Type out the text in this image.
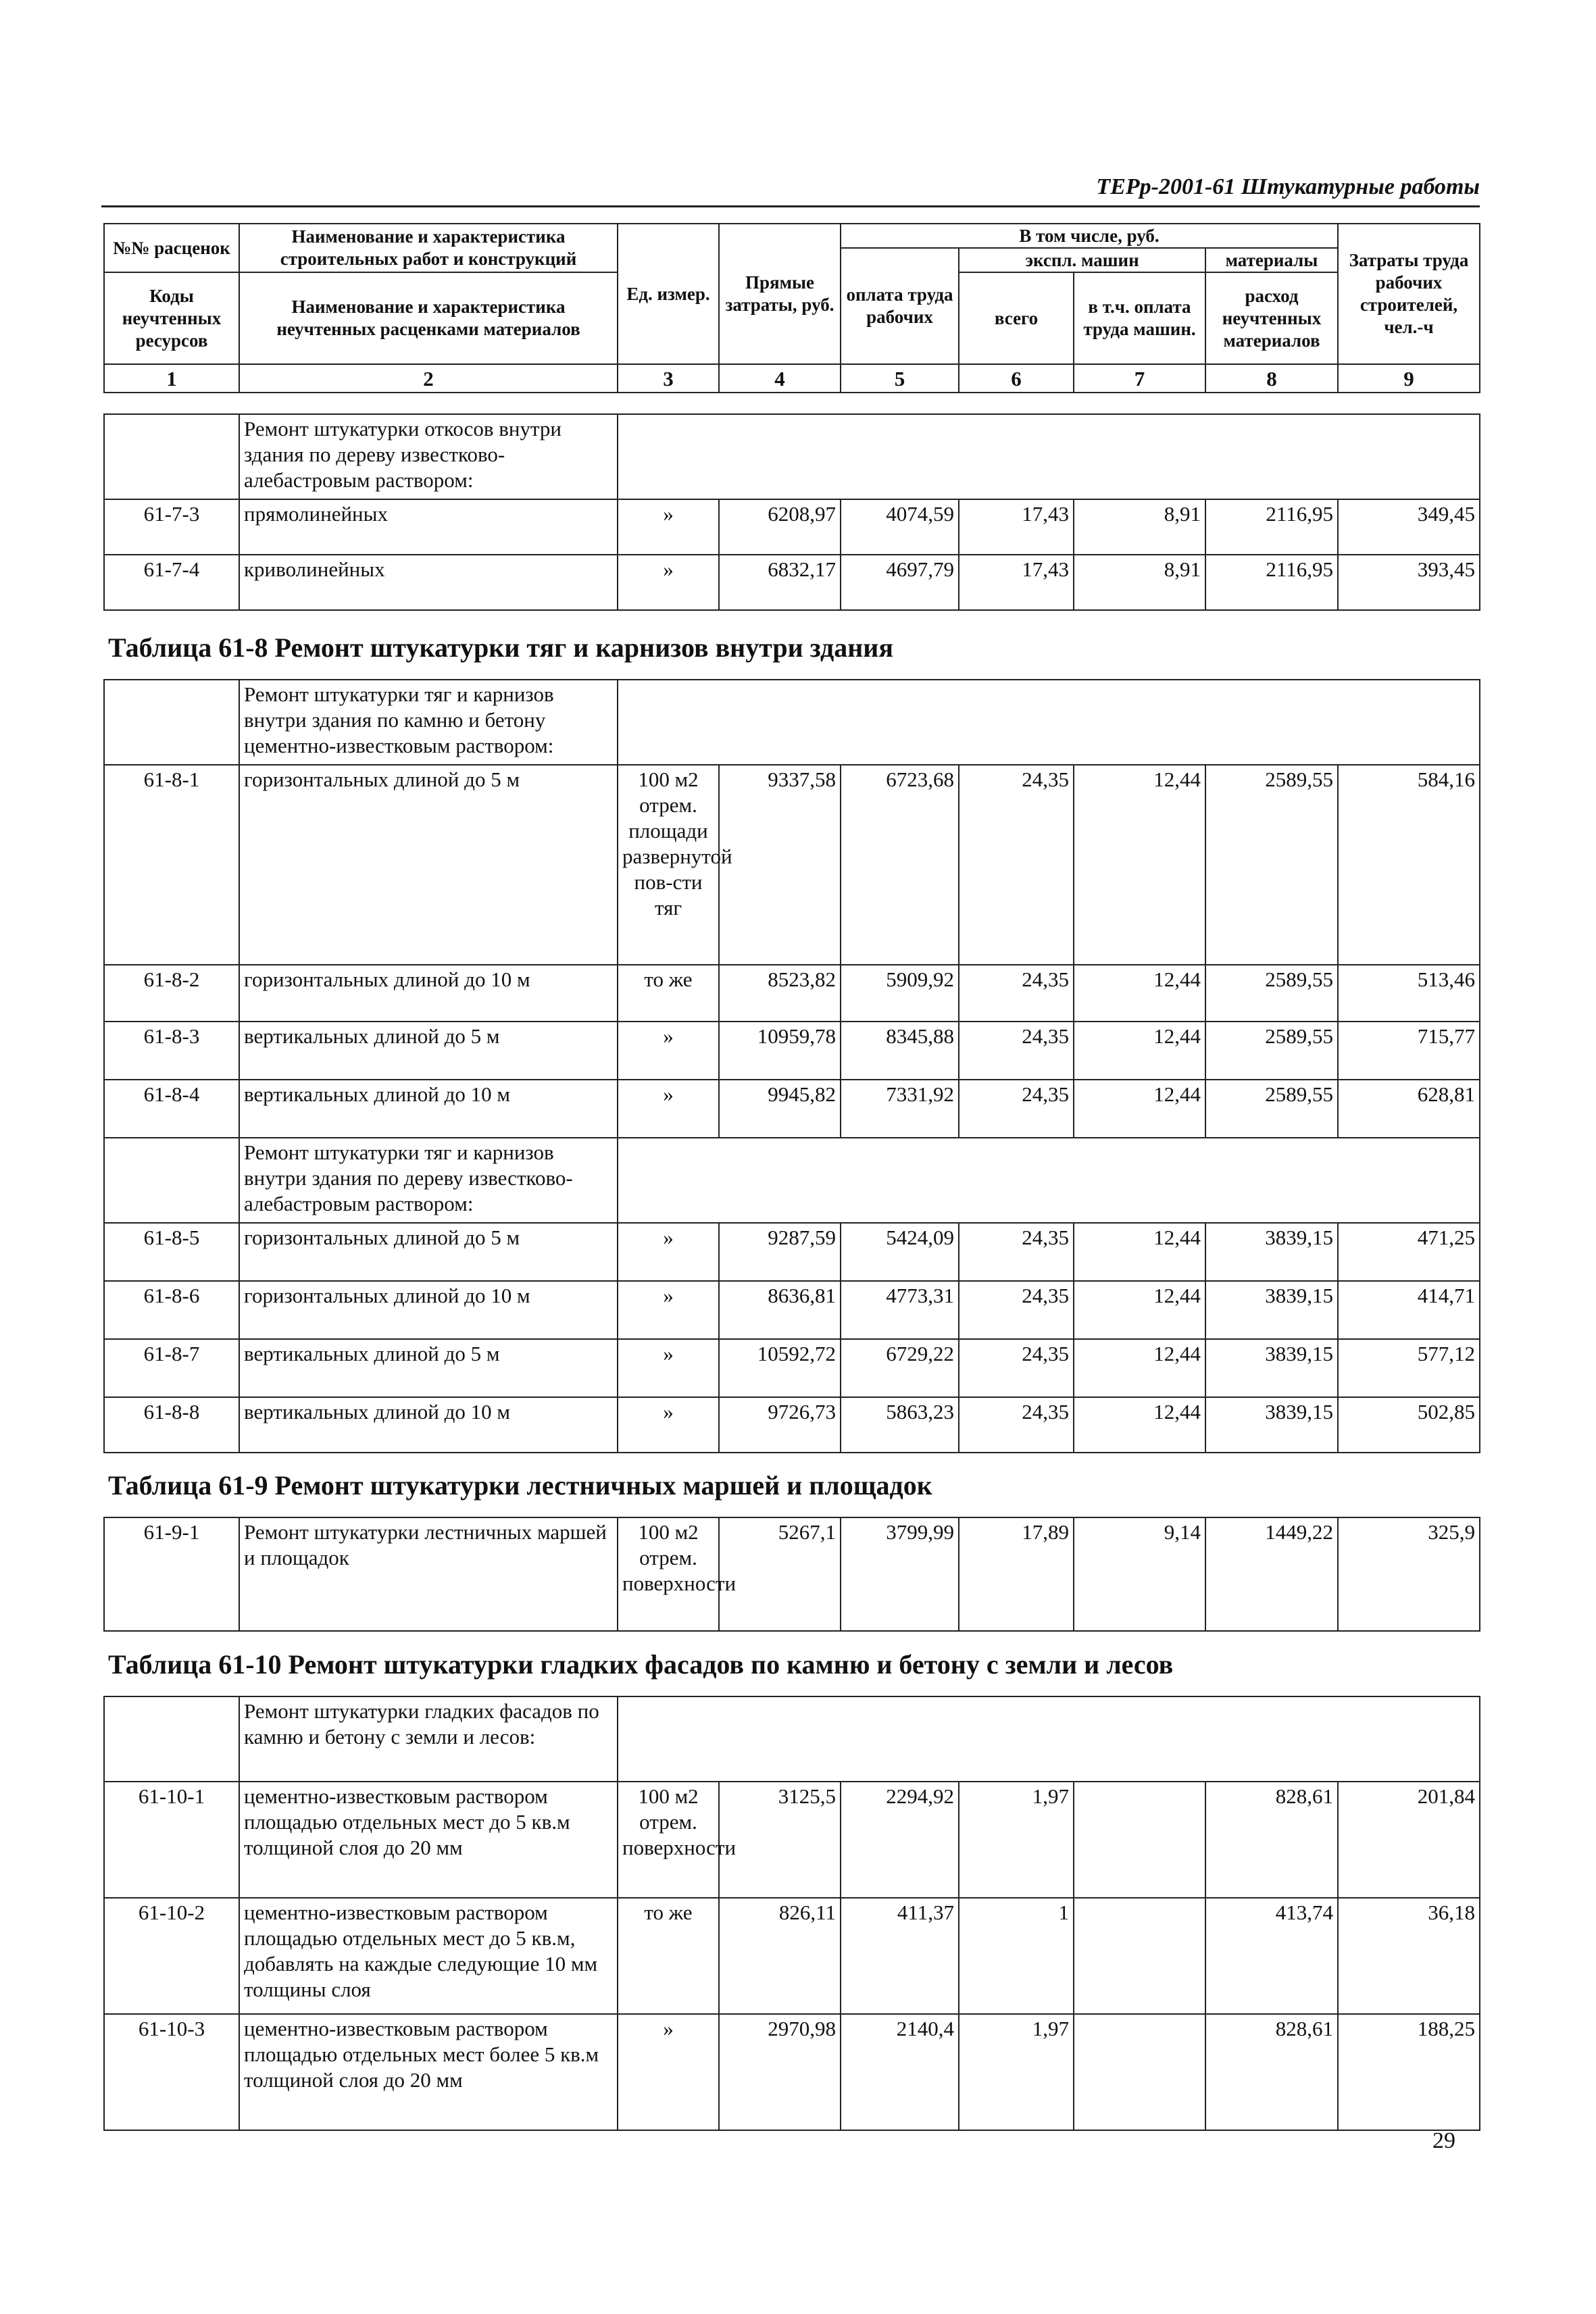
ТЕРр-2001-61 Штукатурные работы
№№ расценок	Наименование и характеристика строительных работ и конструкций	Ед. измер.	Прямые затраты, руб.	В том числе, руб.				Затраты труда рабочих строителей, чел.-ч
				оплата труда рабочих	экспл. машин		материалы	
Коды неучтенных ресурсов	Наименование и характеристика неучтенных расценками материалов				всего	в т.ч. оплата труда машин.	расход неучтенных материалов	

1	2	3	4	5	6	7	8	9
	Ремонт штукатурки откосов внутри здания по дереву известково-алебастровым раствором:							
61-7-3	прямолинейных	»	6208,97	4074,59	17,43	8,91	2116,95	349,45
61-7-4	криволинейных	»	6832,17	4697,79	17,43	8,91	2116,95	393,45
Таблица 61-8 Ремонт штукатурки тяг и карнизов внутри здания
	Ремонт штукатурки тяг и карнизов внутри здания по камню и бетону цементно-известковым раствором:							
61-8-1	горизонтальных длиной до 5 м	100 м2 отрем. площади развернутой пов-сти тяг	9337,58	6723,68	24,35	12,44	2589,55	584,16
61-8-2	горизонтальных длиной до 10 м	то же	8523,82	5909,92	24,35	12,44	2589,55	513,46
61-8-3	вертикальных длиной до 5 м	»	10959,78	8345,88	24,35	12,44	2589,55	715,77
61-8-4	вертикальных длиной до 10 м	»	9945,82	7331,92	24,35	12,44	2589,55	628,81
	Ремонт штукатурки тяг и карнизов внутри здания по дереву известково-алебастровым раствором:							
61-8-5	горизонтальных длиной до 5 м	»	9287,59	5424,09	24,35	12,44	3839,15	471,25
61-8-6	горизонтальных длиной до 10 м	»	8636,81	4773,31	24,35	12,44	3839,15	414,71
61-8-7	вертикальных длиной до 5 м	»	10592,72	6729,22	24,35	12,44	3839,15	577,12
61-8-8	вертикальных длиной до 10 м	»	9726,73	5863,23	24,35	12,44	3839,15	502,85
Таблица 61-9 Ремонт штукатурки лестничных маршей и площадок
61-9-1	Ремонт штукатурки лестничных маршей и площадок	100 м2 отрем. поверхности	5267,1	3799,99	17,89	9,14	1449,22	325,9
Таблица 61-10 Ремонт штукатурки гладких фасадов по камню и бетону с земли и лесов
	Ремонт штукатурки гладких фасадов по камню и бетону с земли и лесов:							
61-10-1	цементно-известковым раствором площадью отдельных мест до 5 кв.м толщиной слоя до 20 мм	100 м2 отрем. поверхности	3125,5	2294,92	1,97		828,61	201,84
61-10-2	цементно-известковым раствором площадью отдельных мест до 5 кв.м, добавлять на каждые следующие 10 мм толщины слоя	то же	826,11	411,37	1		413,74	36,18
61-10-3	цементно-известковым раствором площадью отдельных мест более 5 кв.м толщиной слоя до 20 мм	»	2970,98	2140,4	1,97		828,61	188,25
29
